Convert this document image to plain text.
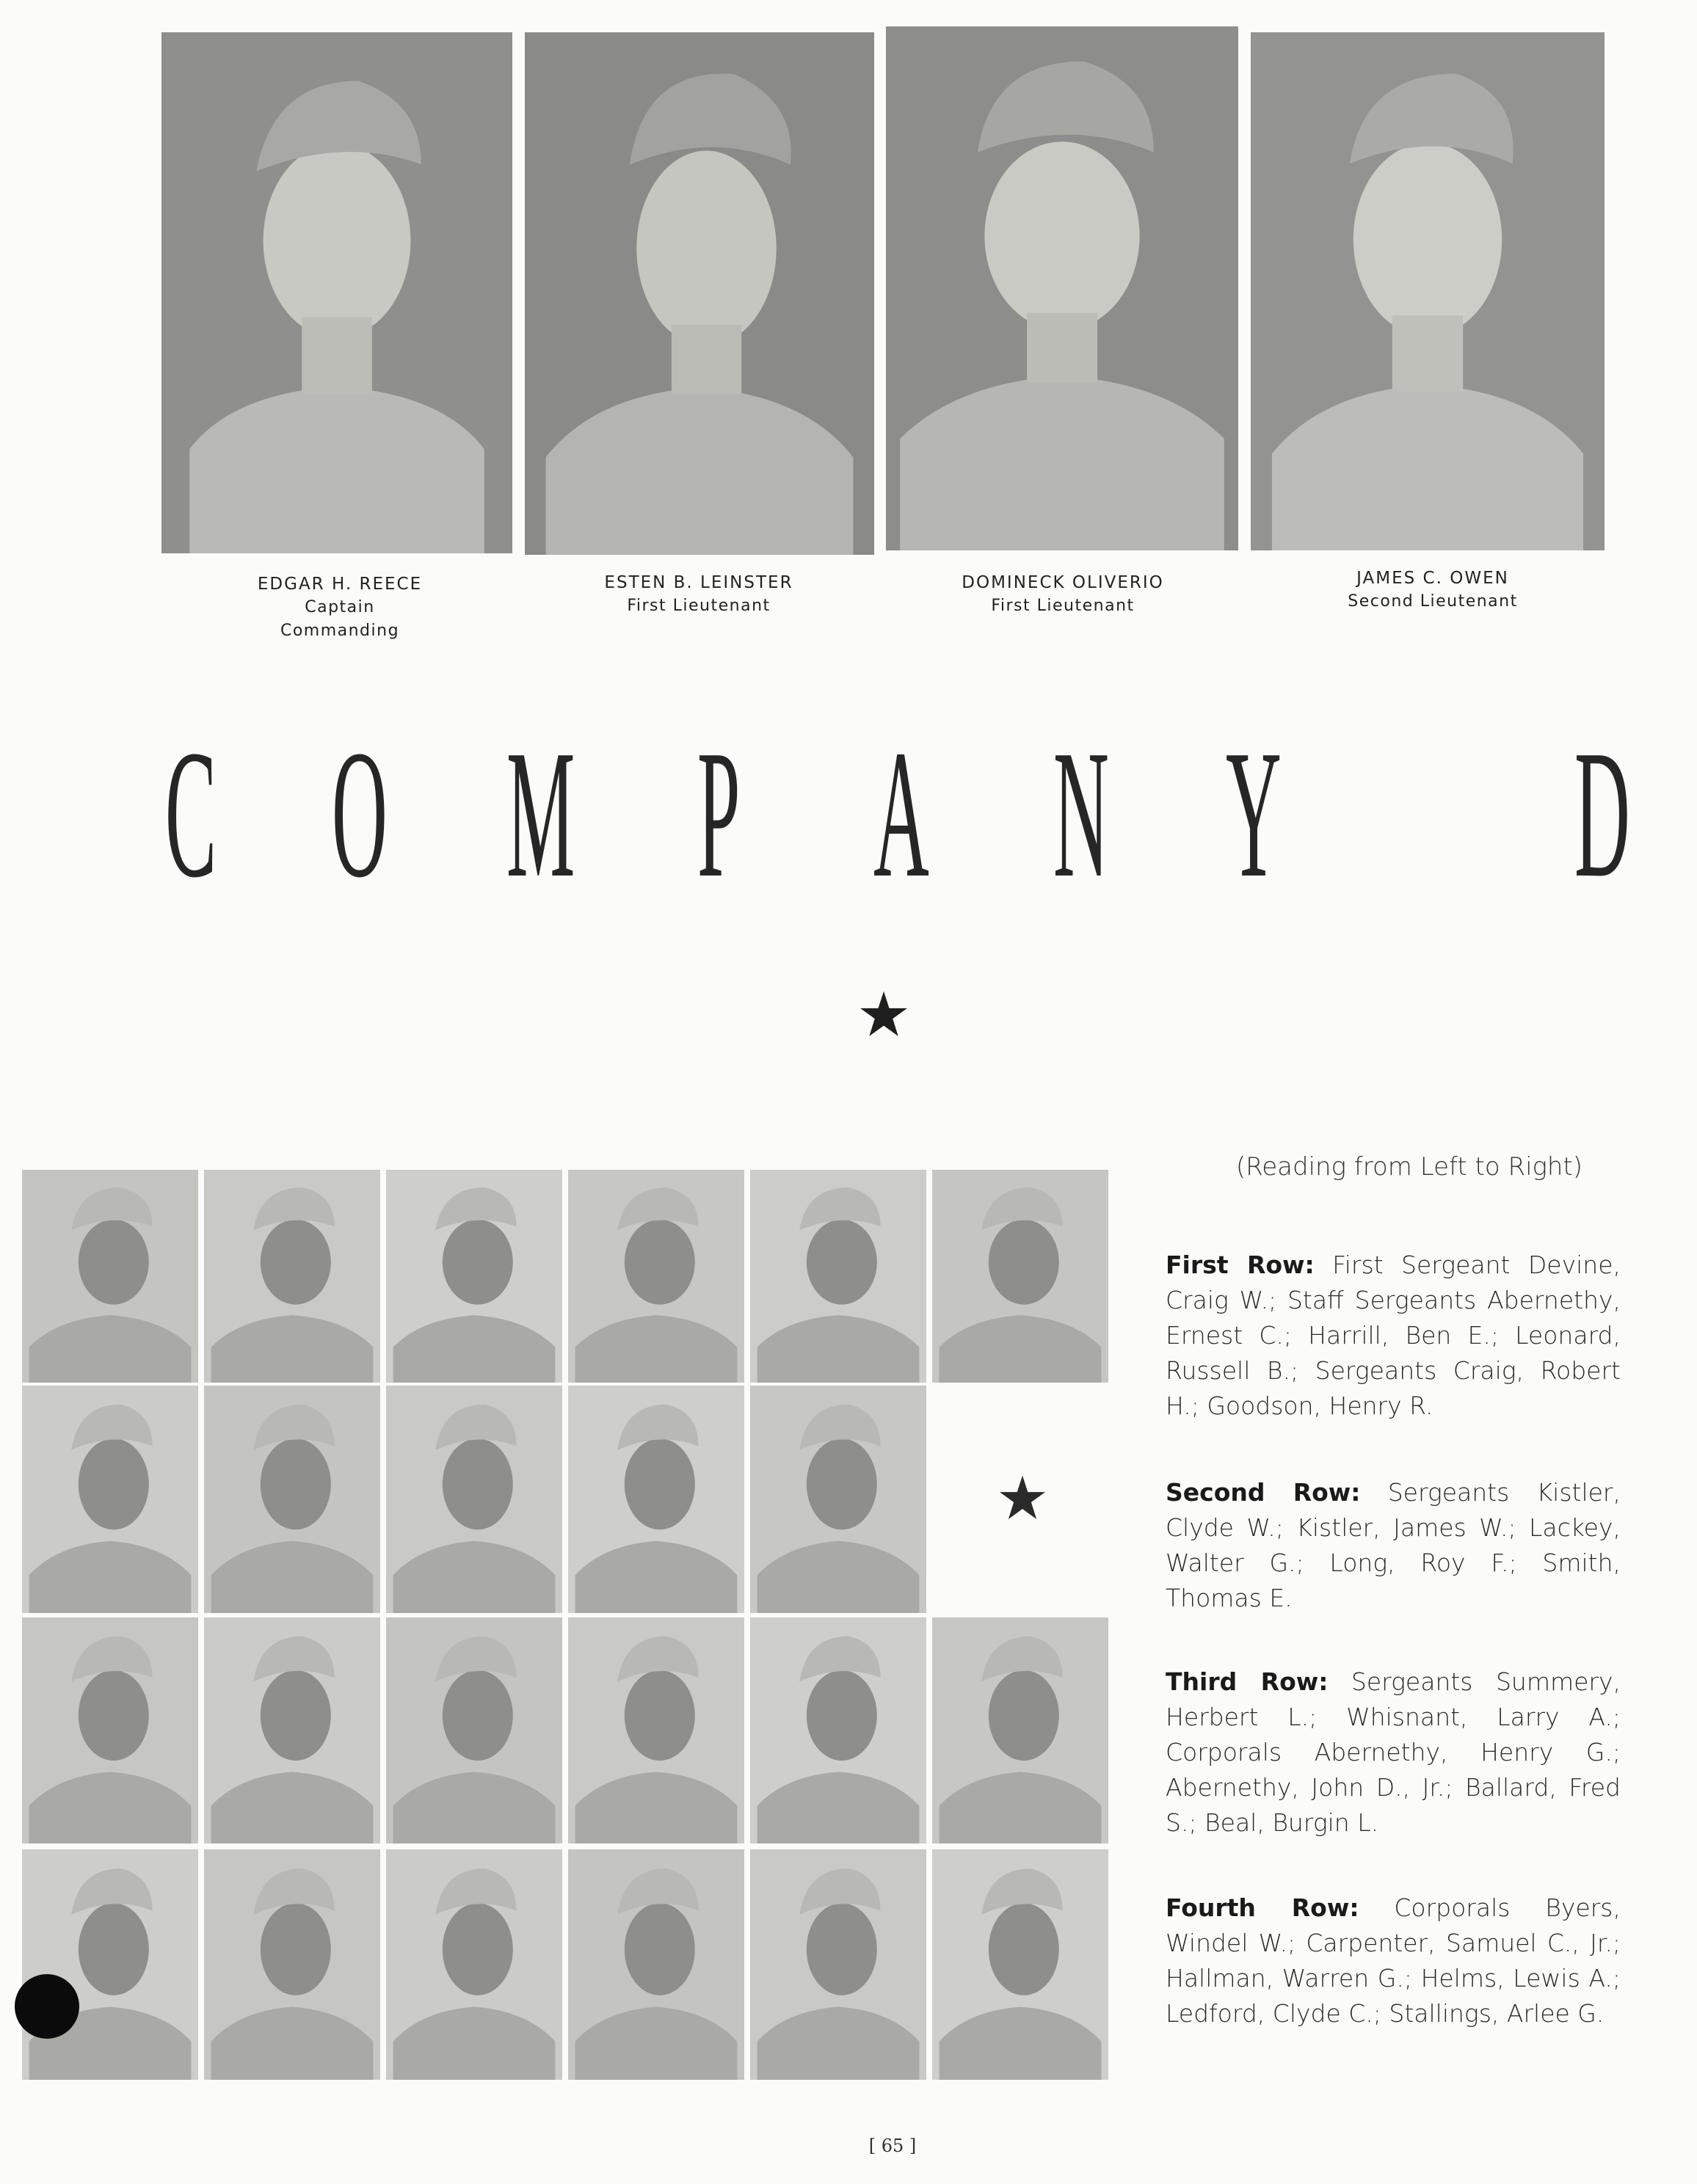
EDGAR H. REECE
Captain
Commanding
ESTEN B. LEINSTER
First Lieutenant
DOMINECK OLIVERIO
First Lieutenant
JAMES C. OWEN
Second Lieutenant
C O M P A N Y D
(Reading from Left to Right)
First Row: First Sergeant Devine, Craig W.; Staff Sergeants Abernethy, Ernest C.; Harrill, Ben E.; Leonard, Russell B.; Sergeants Craig, Robert H.; Goodson, Henry R.
Second Row: Sergeants Kistler, Clyde W.; Kistler, James W.; Lackey, Walter G.; Long, Roy F.; Smith, Thomas E.
Third Row: Sergeants Summery, Herbert L.; Whisnant, Larry A.; Corporals Abernethy, Henry G.; Abernethy, John D., Jr.; Ballard, Fred S.; Beal, Burgin L.
Fourth Row: Corporals Byers, Windel W.; Carpenter, Samuel C., Jr.; Hallman, Warren G.; Helms, Lewis A.; Ledford, Clyde C.; Stallings, Arlee G.
[ 65 ]
